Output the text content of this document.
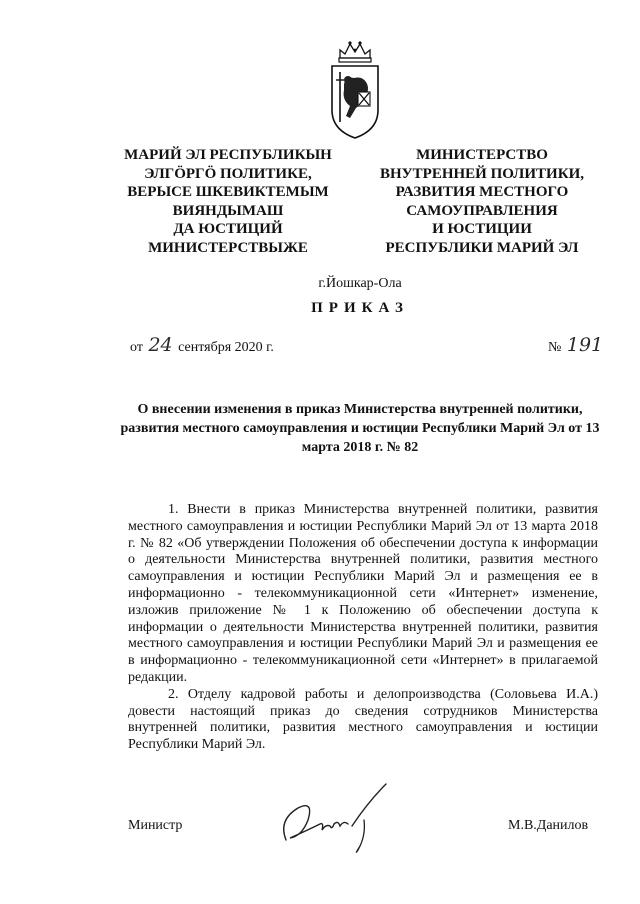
МАРИЙ ЭЛ РЕСПУБЛИКЫН
ЭЛГӦРГӦ ПОЛИТИКЕ,
ВЕРЫСЕ ШКЕВИКТЕМЫМ
ВИЯНДЫМАШ
ДА ЮСТИЦИЙ
МИНИСТЕРСТВЫЖЕ
МИНИСТЕРСТВО
ВНУТРЕННЕЙ ПОЛИТИКИ,
РАЗВИТИЯ МЕСТНОГО
САМОУПРАВЛЕНИЯ
И ЮСТИЦИИ
РЕСПУБЛИКИ МАРИЙ ЭЛ
г.Йошкар-Ола
ПРИКАЗ
от 24 сентября 2020 г.	№ 191
О внесении изменения в приказ Министерства внутренней политики, развития местного самоуправления и юстиции Республики Марий Эл от 13 марта 2018 г. № 82

1. Внести в приказ Министерства внутренней политики, развития местного самоуправления и юстиции Республики Марий Эл от 13 марта 2018 г. № 82 «Об утверждении Положения об обеспечении доступа к информации о деятельности Министерства внутренней политики, развития местного самоуправления и юстиции Республики Марий Эл и размещения ее в информационно - телекоммуникационной сети «Интернет» изменение, изложив приложение № 1 к Положению об обеспечении доступа к информации о деятельности Министерства внутренней политики, развития местного самоуправления и юстиции Республики Марий Эл и размещения ее в информационно - телекоммуникационной сети «Интернет» в прилагаемой редакции.

2. Отделу кадровой работы и делопроизводства (Соловьева И.А.) довести настоящий приказ до сведения сотрудников Министерства внутренней политики, развития местного самоуправления и юстиции Республики Марий Эл.

Министр	М.В.Данилов
